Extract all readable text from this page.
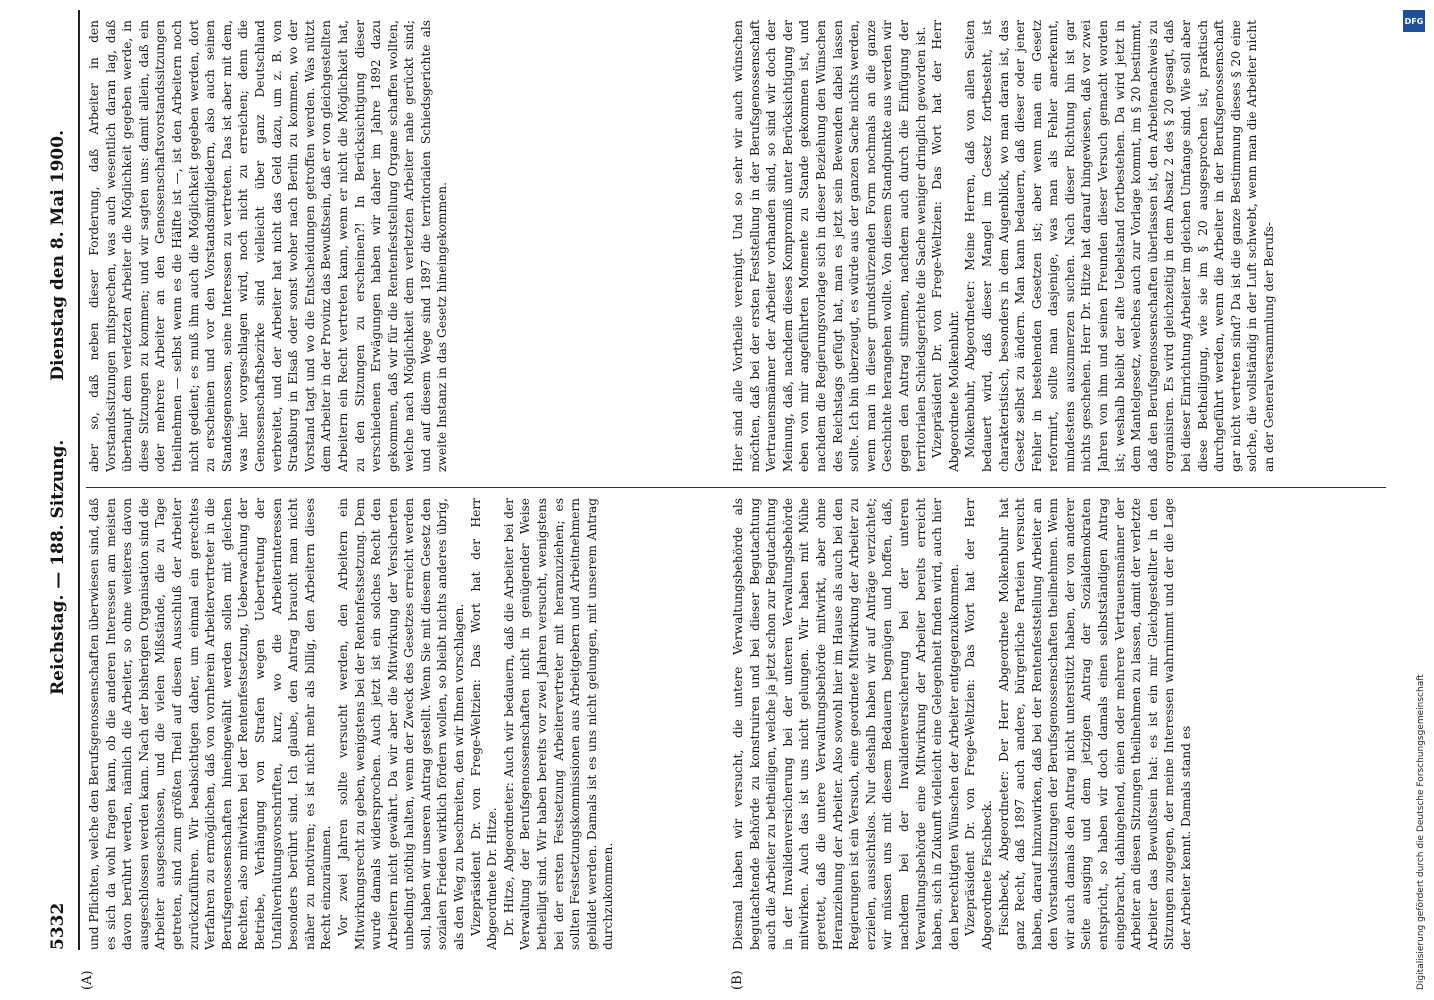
5332
Reichstag. — 188. Sitzung.
Dienstag den 8. Mai 1900.
(A)	(B)

und Pflichten, welche den Berufsgenossenschaften überwiesen sind, daß es sich da wohl fragen kann, ob die anderen Interessen am meisten davon berührt werden, nämlich die Arbeiter, so ohne weiteres davon ausgeschlossen werden kann. Nach der bisherigen Organisation sind die Arbeiter ausgeschlossen, und die vielen Mißstände, die zu Tage getreten, sind zum größten Theil auf diesen Ausschluß der Arbeiter zurückzuführen. Wir beabsichtigen daher, um einmal ein gerechtes Verfahren zu ermöglichen, daß von vornherein Arbeitervertreter in die Berufsgenossenschaften hineingewählt werden sollen mit gleichen Rechten, also mitwirken bei der Rentenfestsetzung, Ueberwachung der Betriebe, Verhängung von Strafen wegen Uebertretung der Unfallverhütungsvorschriften, kurz, wo die Arbeiterinteressen besonders berührt sind. Ich glaube, den Antrag braucht man nicht näher zu motiviren; es ist nicht mehr als billig, den Arbeitern dieses Recht einzuräumen. Vor zwei Jahren sollte versucht werden, den Arbeitern ein Mitwirkungsrecht zu geben, wenigstens bei der Rentenfestsetzung. Dem wurde damals widersprochen. Auch jetzt ist ein solches Recht den Arbeitern nicht gewährt. Da wir aber die Mitwirkung der Versicherten unbedingt nöthig halten, wenn der Zweck des Gesetzes erreicht werden soll, haben wir unseren Antrag gestellt. Wenn Sie mit diesem Gesetz den sozialen Frieden wirklich fördern wollen, so bleibt nichts anderes übrig, als den Weg zu beschreiten, den wir Ihnen vorschlagen. Vizepräsident Dr. von Frege-Weltzien: Das Wort hat der Herr Abgeordnete Dr. Hitze. Dr. Hitze, Abgeordneter: Auch wir bedauern, daß die Arbeiter bei der Verwaltung der Berufsgenossenschaften nicht in genügender Weise betheiligt sind. Wir haben bereits vor zwei Jahren versucht, wenigstens bei der ersten Festsetzung Arbeitervertreter mit heranzuziehen; es sollten Festsetzungskommissionen aus Arbeitgebern und Arbeitnehmern gebildet werden. Damals ist es uns nicht gelungen, mit unserem Antrag durchzukommen.	Diesmal haben wir versucht, die untere Verwaltungsbehörde als begutachtende Behörde zu konstruiren und bei dieser Begutachtung auch die Arbeiter zu betheiligen, welche ja jetzt schon zur Begutachtung in der Invalidenversicherung bei der unteren Verwaltungsbehörde mitwirken. Auch das ist uns nicht gelungen. Wir haben mit Mühe gerettet, daß die untere Verwaltungsbehörde mitwirkt, aber ohne Heranziehung der Arbeiter. Also sowohl hier im Hause als auch bei den Regierungen ist ein Versuch, eine geordnete Mitwirkung der Arbeiter zu erzielen, aussichtslos. Nur deshalb haben wir auf Anträge verzichtet; wir müssen uns mit diesem Bedauern begnügen und hoffen, daß, nachdem bei der Invalidenversicherung bei der unteren Verwaltungsbehörde eine Mitwirkung der Arbeiter bereits erreicht haben, sich in Zukunft vielleicht eine Gelegenheit finden wird, auch hier den berechtigten Wünschen der Arbeiter entgegenzukommen. Vizepräsident Dr. von Frege-Weltzien: Das Wort hat der Herr Abgeordnete Fischbeck. Fischbeck, Abgeordneter: Der Herr Abgeordnete Molkenbuhr hat ganz Recht, daß 1897 auch andere, bürgerliche Parteien versucht haben, darauf hinzuwirken, daß bei der Rentenfeststellung Arbeiter an den Vorstandssitzungen der Berufsgenossenschaften theilnehmen. Wenn wir auch damals den Antrag nicht unterstützt haben, der von anderer Seite ausging und dem jetzigen Antrag der Sozialdemokraten entspricht, so haben wir doch damals einen selbstständigen Antrag eingebracht, dahingehend, einen oder mehrere Vertrauensmänner der Arbeiter an diesen Sitzungen theilnehmen zu lassen, damit der verletzte Arbeiter das Bewußtsein hat: es ist ein mir Gleichgestellter in den Sitzungen zugegen, der meine Interessen wahrnimmt und der die Lage der Arbeiter kennt. Damals stand es

aber so, daß neben dieser Forderung, daß Arbeiter in den Vorstandssitzungen mitsprechen, was auch wesentlich daran lag, daß überhaupt dem verletzten Arbeiter die Möglichkeit gegeben werde, in diese Sitzungen zu kommen; und wir sagten uns: damit allein, daß ein oder mehrere Arbeiter an den Genossenschaftsvorstandssitzungen theilnehmen — selbst wenn es die Hälfte ist —, ist den Arbeitern noch nicht gedient; es muß ihm auch die Möglichkeit gegeben werden, dort zu erscheinen und vor den Vorstandsmitgliedern, also auch seinen Standesgenossen, seine Interessen zu vertreten. Das ist aber mit dem, was hier vorgeschlagen wird, noch nicht zu erreichen; denn die Genossenschaftsbezirke sind vielleicht über ganz Deutschland verbreitet, und der Arbeiter hat nicht das Geld dazu, um z. B. von Straßburg in Elsaß oder sonst woher nach Berlin zu kommen, wo der Vorstand tagt und wo die Entscheidungen getroffen werden. Was nützt dem Arbeiter in der Provinz das Bewußtsein, daß er von gleichgestellten Arbeitern ein Recht vertreten kann, wenn er nicht die Möglichkeit hat, zu den Sitzungen zu erscheinen?! In Berücksichtigung dieser verschiedenen Erwägungen haben wir daher im Jahre 1892 dazu gekommen, daß wir für die Rentenfeststellung Organe schaffen wollten, welche nach Möglichkeit dem verletzten Arbeiter nahe gerückt sind; und auf diesem Wege sind 1897 die territorialen Schiedsgerichte als zweite Instanz in das Gesetz hineingekommen.	Hier sind alle Vortheile vereinigt. Und so sehr wir auch wünschen möchten, daß bei der ersten Feststellung in der Berufsgenossenschaft Vertrauensmänner der Arbeiter vorhanden sind, so sind wir doch der Meinung, daß, nachdem dieses Kompromiß unter Berücksichtigung der eben von mir angeführten Momente zu Stande gekommen ist, und nachdem die Regierungsvorlage sich in dieser Beziehung den Wünschen des Reichstags gefügt hat, man es jetzt sein Bewenden dabei lassen sollte. Ich bin überzeugt, es würde aus der ganzen Sache nichts werden, wenn man in dieser grundstürzenden Form nochmals an die ganze Geschichte herangehen wollte. Von diesem Standpunkte aus werden wir gegen den Antrag stimmen, nachdem auch durch die Einfügung der territorialen Schiedsgerichte die Sache weniger dringlich geworden ist. Vizepräsident Dr. von Frege-Weltzien: Das Wort hat der Herr Abgeordnete Molkenbuhr. Molkenbuhr, Abgeordneter: Meine Herren, daß von allen Seiten bedauert wird, daß dieser Mangel im Gesetz fortbesteht, ist charakteristisch, besonders in dem Augenblick, wo man daran ist, das Gesetz selbst zu ändern. Man kann bedauern, daß dieser oder jener Fehler in bestehenden Gesetzen ist; aber wenn man ein Gesetz reformirt, sollte man dasjenige, was man als Fehler anerkennt, mindestens auszumerzen suchen. Nach dieser Richtung hin ist gar nichts geschehen. Herr Dr. Hitze hat darauf hingewiesen, daß vor zwei Jahren von ihm und seinen Freunden dieser Versuch gemacht worden ist; weshalb bleibt der alte Uebelstand fortbestehen. Da wird jetzt in dem Mantelgesetz, welches auch zur Vorlage kommt, im § 20 bestimmt, daß den Berufsgenossenschaften überlassen ist, den Arbeitenachweis zu organisiren. Es wird gleichzeitig in dem Absatz 2 des § 20 gesagt, daß bei dieser Einrichtung Arbeiter im gleichen Umfange sind. Wie soll aber diese Betheiligung, wie sie im § 20 ausgesprochen ist, praktisch durchgeführt werden, wenn die Arbeiter in der Berufsgenossenschaft gar nicht vertreten sind? Da ist die ganze Bestimmung dieses § 20 eine solche, die vollständig in der Luft schwebt, wenn man die Arbeiter nicht an der Generalversammlung der Berufs-

DFG
Digitalisierung gefördert durch die Deutsche Forschungsgemeinschaft
